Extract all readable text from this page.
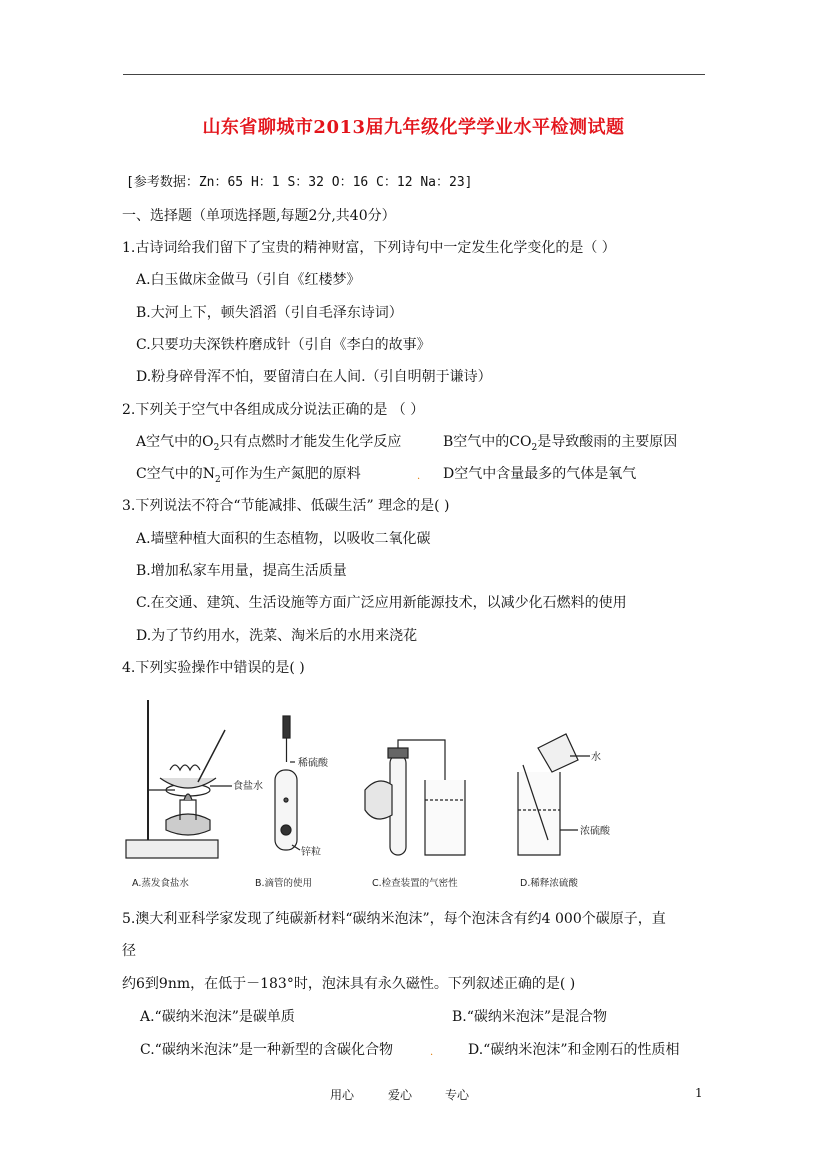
山东省聊城市2013届九年级化学学业水平检测试题
[参考数据：Zn：65 H：1 S：32 O：16 C：12 Na：23]
一、选择题（单项选择题,每题2分,共40分）
1.古诗词给我们留下了宝贵的精神财富，下列诗句中一定发生化学变化的是（ ）
A.白玉做床金做马（引自《红楼梦》
B.大河上下，顿失滔滔（引自毛泽东诗词）
C.只要功夫深铁杵磨成针（引自《李白的故事》
D.粉身碎骨浑不怕，要留清白在人间.（引自明朝于谦诗）
2.下列关于空气中各组成成分说法正确的是 （ ）
A空气中的$O_2$只有点燃时才能发生化学反应	B空气中的$CO_2$是导致酸雨的主要原因
C空气中的$N_2$可作为生产氮肥的原料	. D空气中含量最多的气体是氧气
3.下列说法不符合“节能减排、低碳生活” 理念的是( )
A.墙壁种植大面积的生态植物，以吸收二氧化碳
B.增加私家车用量，提高生活质量
C.在交通、建筑、生活设施等方面广泛应用新能源技术，以减少化石燃料的使用
D.为了节约用水，洗菜、淘米后的水用来浇花
4.下列实验操作中错误的是( )
食盐水
A.蒸发食盐水
稀硫酸
锌粒
B.滴管的使用	C.检查装置的气密性
水
浓硫酸
D.稀释浓硫酸
5.澳大利亚科学家发现了纯碳新材料“碳纳米泡沫”，每个泡沫含有约4 000个碳原子，直
径
约6到9nm，在低于－183°时，泡沫具有永久磁性。下列叙述正确的是( )
A.“碳纳米泡沫”是碳单质	B.“碳纳米泡沫”是混合物
C.“碳纳米泡沫”是一种新型的含碳化合物	. D.“碳纳米泡沫”和金刚石的性质相
用心	爱心	专心	1
